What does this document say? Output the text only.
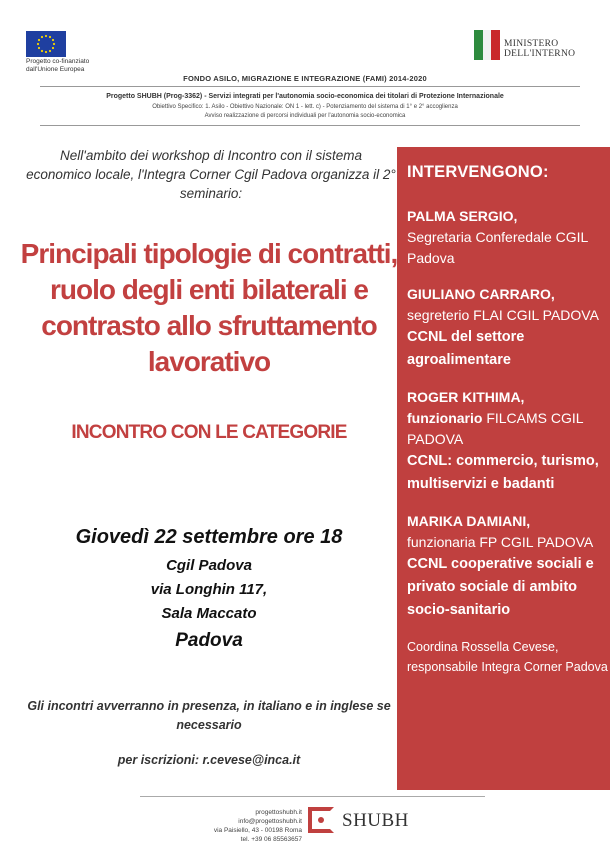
Progetto co-finanziato
dall'Unione Europea
MINISTERO
DELL'INTERNO
FONDO ASILO, MIGRAZIONE E INTEGRAZIONE (FAMI) 2014-2020
Progetto SHUBH (Prog-3362) - Servizi integrati per l'autonomia socio-economica dei titolari di Protezione Internazionale
Obiettivo Specifico: 1. Asilo - Obiettivo Nazionale: ON 1 - lett. c) - Potenziamento del sistema di 1° e 2° accoglienza
Avviso realizzazione di percorsi individuali per l'autonomia socio-economica
Nell'ambito dei workshop di Incontro con il sistema economico locale, l'Integra Corner Cgil Padova organizza il 2° seminario:
Principali tipologie di contratti, ruolo degli enti bilaterali e contrasto allo sfruttamento lavorativo
INCONTRO CON LE CATEGORIE
Giovedì 22 settembre ore 18
Cgil Padova
via Longhin 117,
Sala Maccato
Padova
Gli incontri avverranno in presenza, in italiano e in inglese se necessario
per iscrizioni: r.cevese@inca.it
INTERVENGONO:
PALMA SERGIO,
Segretaria Conferedale CGIL Padova
GIULIANO CARRARO,
segreterio FLAI CGIL PADOVA
CCNL del settore agroalimentare
ROGER KITHIMA,
funzionario FILCAMS CGIL PADOVA
CCNL: commercio, turismo, multiservizi e badanti
MARIKA DAMIANI,
funzionaria FP CGIL PADOVA
CCNL cooperative sociali e privato sociale di ambito socio-sanitario
Coordina Rossella Cevese, responsabile Integra Corner Padova
progettoshubh.it
info@progettoshubh.it
via Paisiello, 43 - 00198 Roma
tel. +39 06 85563657
SHUBH
